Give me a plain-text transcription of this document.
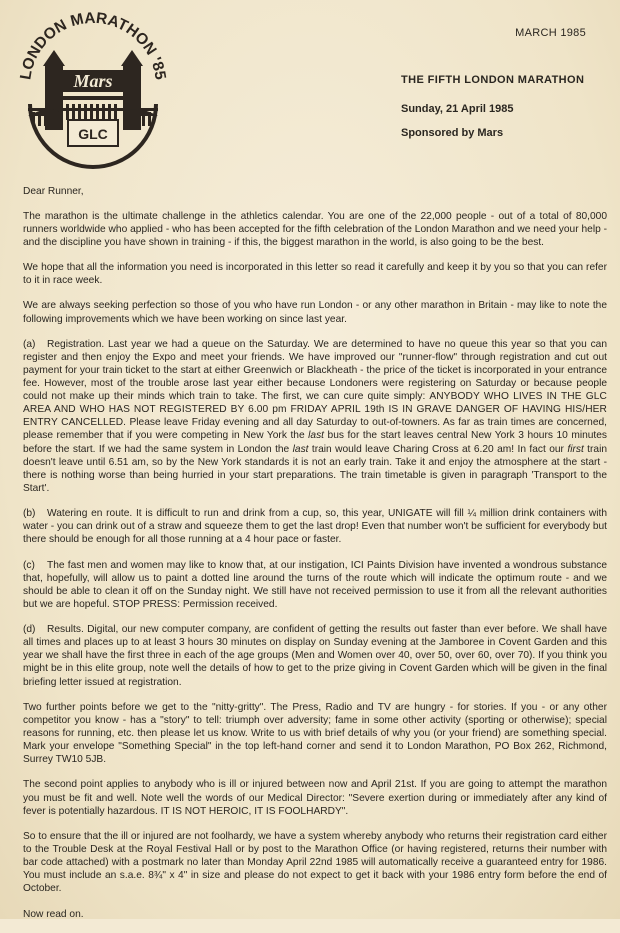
LONDON MARATHON '85
Mars
GLC
MARCH 1985
THE FIFTH LONDON MARATHON
Sunday, 21 April 1985
Sponsored by Mars

Dear Runner,

The marathon is the ultimate challenge in the athletics calendar. You are one of the 22,000 people - out of a total of 80,000 runners worldwide who applied - who has been accepted for the fifth celebration of the London Marathon and we need your help - and the discipline you have shown in training - if this, the biggest marathon in the world, is also going to be the best.

We hope that all the information you need is incorporated in this letter so read it carefully and keep it by you so that you can refer to it in race week.

We are always seeking perfection so those of you who have run London - or any other marathon in Britain - may like to note the following improvements which we have been working on since last year.

(a) Registration. Last year we had a queue on the Saturday. We are determined to have no queue this year so that you can register and then enjoy the Expo and meet your friends. We have improved our "runner-flow" through registration and cut out payment for your train ticket to the start at either Greenwich or Blackheath - the price of the ticket is incorporated in your entrance fee. However, most of the trouble arose last year either because Londoners were registering on Saturday or because people could not make up their minds which train to take. The first, we can cure quite simply: ANYBODY WHO LIVES IN THE GLC AREA AND WHO HAS NOT REGISTERED BY 6.00 pm FRIDAY APRIL 19th IS IN GRAVE DANGER OF HAVING HIS/HER ENTRY CANCELLED. Please leave Friday evening and all day Saturday to out-of-towners. As far as train times are concerned, please remember that if you were competing in New York the last bus for the start leaves central New York 3 hours 10 minutes before the start. If we had the same system in London the last train would leave Charing Cross at 6.20 am! In fact our first train doesn't leave until 6.51 am, so by the New York standards it is not an early train. Take it and enjoy the atmosphere at the start - there is nothing worse than being hurried in your start preparations. The train timetable is given in paragraph 'Transport to the Start'.

(b) Watering en route. It is difficult to run and drink from a cup, so, this year, UNIGATE will fill ¼ million drink containers with water - you can drink out of a straw and squeeze them to get the last drop! Even that number won't be sufficient for everybody but there should be enough for all those running at a 4 hour pace or faster.

(c) The fast men and women may like to know that, at our instigation, ICI Paints Division have invented a wondrous substance that, hopefully, will allow us to paint a dotted line around the turns of the route which will indicate the optimum route - and we should be able to clean it off on the Sunday night. We still have not received permission to use it from all the relevant authorities but we are hopeful. STOP PRESS: Permission received.

(d) Results. Digital, our new computer company, are confident of getting the results out faster than ever before. We shall have all times and places up to at least 3 hours 30 minutes on display on Sunday evening at the Jamboree in Covent Garden and this year we shall have the first three in each of the age groups (Men and Women over 40, over 50, over 60, over 70). If you think you might be in this elite group, note well the details of how to get to the prize giving in Covent Garden which will be given in the final briefing letter issued at registration.

Two further points before we get to the "nitty-gritty". The Press, Radio and TV are hungry - for stories. If you - or any other competitor you know - has a "story" to tell: triumph over adversity; fame in some other activity (sporting or otherwise); special reasons for running, etc. then please let us know. Write to us with brief details of why you (or your friend) are something special. Mark your envelope "Something Special" in the top left-hand corner and send it to London Marathon, PO Box 262, Richmond, Surrey TW10 5JB.

The second point applies to anybody who is ill or injured between now and April 21st. If you are going to attempt the marathon you must be fit and well. Note well the words of our Medical Director: "Severe exertion during or immediately after any kind of fever is potentially hazardous. IT IS NOT HEROIC, IT IS FOOLHARDY".

So to ensure that the ill or injured are not foolhardy, we have a system whereby anybody who returns their registration card either to the Trouble Desk at the Royal Festival Hall or by post to the Marathon Office (or having registered, returns their number with bar code attached) with a postmark no later than Monday April 22nd 1985 will automatically receive a guaranteed entry for 1986. You must include an s.a.e. 8¾" x 4" in size and please do not expect to get it back with your 1986 entry form before the end of October.

Now read on.
